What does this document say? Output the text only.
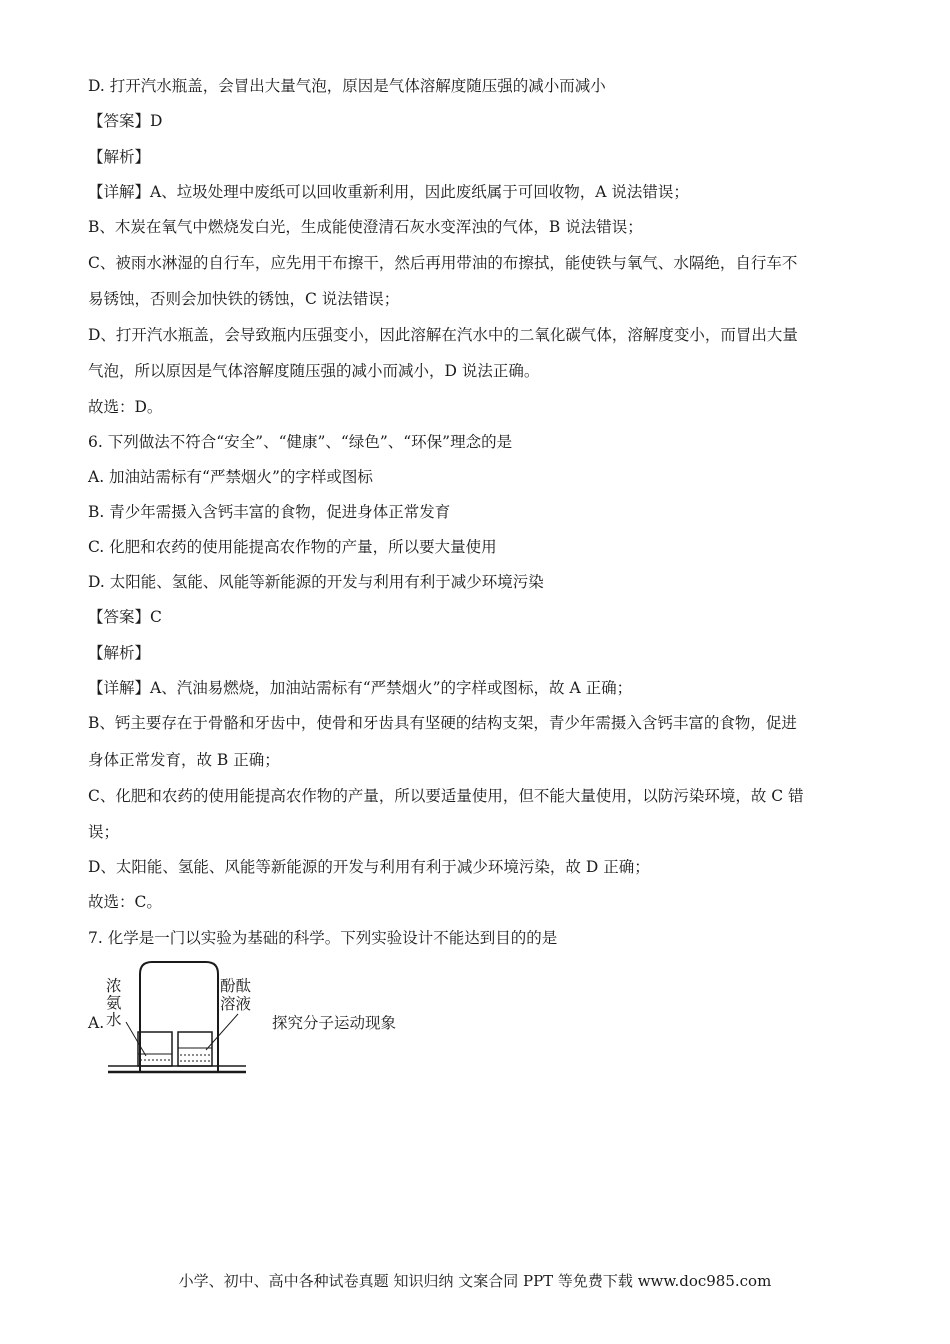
D. 打开汽水瓶盖，会冒出大量气泡，原因是气体溶解度随压强的减小而减小
【答案】D
【解析】
【详解】A、垃圾处理中废纸可以回收重新利用，因此废纸属于可回收物，A 说法错误；
B、木炭在氧气中燃烧发白光，生成能使澄清石灰水变浑浊的气体，B 说法错误；
C、被雨水淋湿的自行车，应先用干布擦干，然后再用带油的布擦拭，能使铁与氧气、水隔绝，自行车不
易锈蚀，否则会加快铁的锈蚀，C 说法错误；
D、打开汽水瓶盖，会导致瓶内压强变小，因此溶解在汽水中的二氧化碳气体，溶解度变小，而冒出大量
气泡，所以原因是气体溶解度随压强的减小而减小，D 说法正确。
故选：D。
6. 下列做法不符合“安全”、“健康”、“绿色”、“环保”理念的是
A. 加油站需标有“严禁烟火”的字样或图标
B. 青少年需摄入含钙丰富的食物，促进身体正常发育
C. 化肥和农药的使用能提高农作物的产量，所以要大量使用
D. 太阳能、氢能、风能等新能源的开发与利用有利于减少环境污染
【答案】C
【解析】
【详解】A、汽油易燃烧，加油站需标有“严禁烟火”的字样或图标，故 A 正确；
B、钙主要存在于骨骼和牙齿中，使骨和牙齿具有坚硬的结构支架，青少年需摄入含钙丰富的食物，促进
身体正常发育，故 B 正确；
C、化肥和农药的使用能提高农作物的产量，所以要适量使用，但不能大量使用，以防污染环境，故 C 错
误；
D、太阳能、氢能、风能等新能源的开发与利用有利于减少环境污染，故 D 正确；
故选：C。
7. 化学是一门以实验为基础的科学。下列实验设计不能达到目的的是
A.
浓
氨
水
酚酞
溶液
探究分子运动现象
小学、初中、高中各种试卷真题 知识归纳 文案合同 PPT 等免费下载 www.doc985.com
